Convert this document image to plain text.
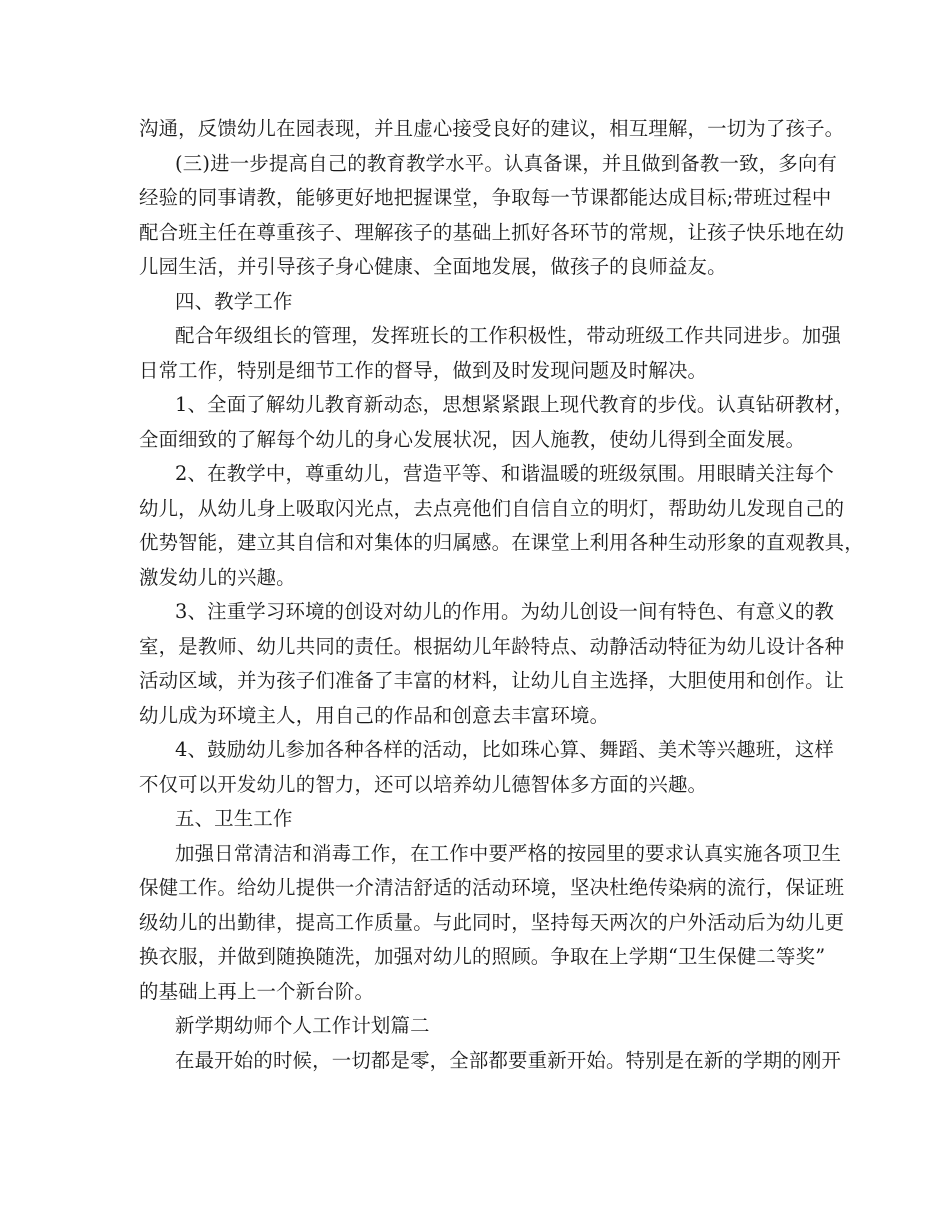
沟通，反馈幼儿在园表现，并且虚心接受良好的建议，相互理解，一切为了孩子。
(三)进一步提高自己的教育教学水平。认真备课，并且做到备教一致，多向有
经验的同事请教，能够更好地把握课堂，争取每一节课都能达成目标;带班过程中
配合班主任在尊重孩子、理解孩子的基础上抓好各环节的常规，让孩子快乐地在幼
儿园生活，并引导孩子身心健康、全面地发展，做孩子的良师益友。
四、教学工作
配合年级组长的管理，发挥班长的工作积极性，带动班级工作共同进步。加强
日常工作，特别是细节工作的督导，做到及时发现问题及时解决。
1、全面了解幼儿教育新动态，思想紧紧跟上现代教育的步伐。认真钻研教材，
全面细致的了解每个幼儿的身心发展状况，因人施教，使幼儿得到全面发展。
2、在教学中，尊重幼儿，营造平等、和谐温暖的班级氛围。用眼睛关注每个
幼儿，从幼儿身上吸取闪光点，去点亮他们自信自立的明灯，帮助幼儿发现自己的
优势智能，建立其自信和对集体的归属感。在课堂上利用各种生动形象的直观教具，
激发幼儿的兴趣。
3、注重学习环境的创设对幼儿的作用。为幼儿创设一间有特色、有意义的教
室，是教师、幼儿共同的责任。根据幼儿年龄特点、动静活动特征为幼儿设计各种
活动区域，并为孩子们准备了丰富的材料，让幼儿自主选择，大胆使用和创作。让
幼儿成为环境主人，用自己的作品和创意去丰富环境。
4、鼓励幼儿参加各种各样的活动，比如珠心算、舞蹈、美术等兴趣班，这样
不仅可以开发幼儿的智力，还可以培养幼儿德智体多方面的兴趣。
五、卫生工作
加强日常清洁和消毒工作，在工作中要严格的按园里的要求认真实施各项卫生
保健工作。给幼儿提供一介清洁舒适的活动环境，坚决杜绝传染病的流行，保证班
级幼儿的出勤律，提高工作质量。与此同时，坚持每天两次的户外活动后为幼儿更
换衣服，并做到随换随洗，加强对幼儿的照顾。争取在上学期“卫生保健二等奖”
的基础上再上一个新台阶。
新学期幼师个人工作计划篇二
在最开始的时候，一切都是零，全部都要重新开始。特别是在新的学期的刚开
